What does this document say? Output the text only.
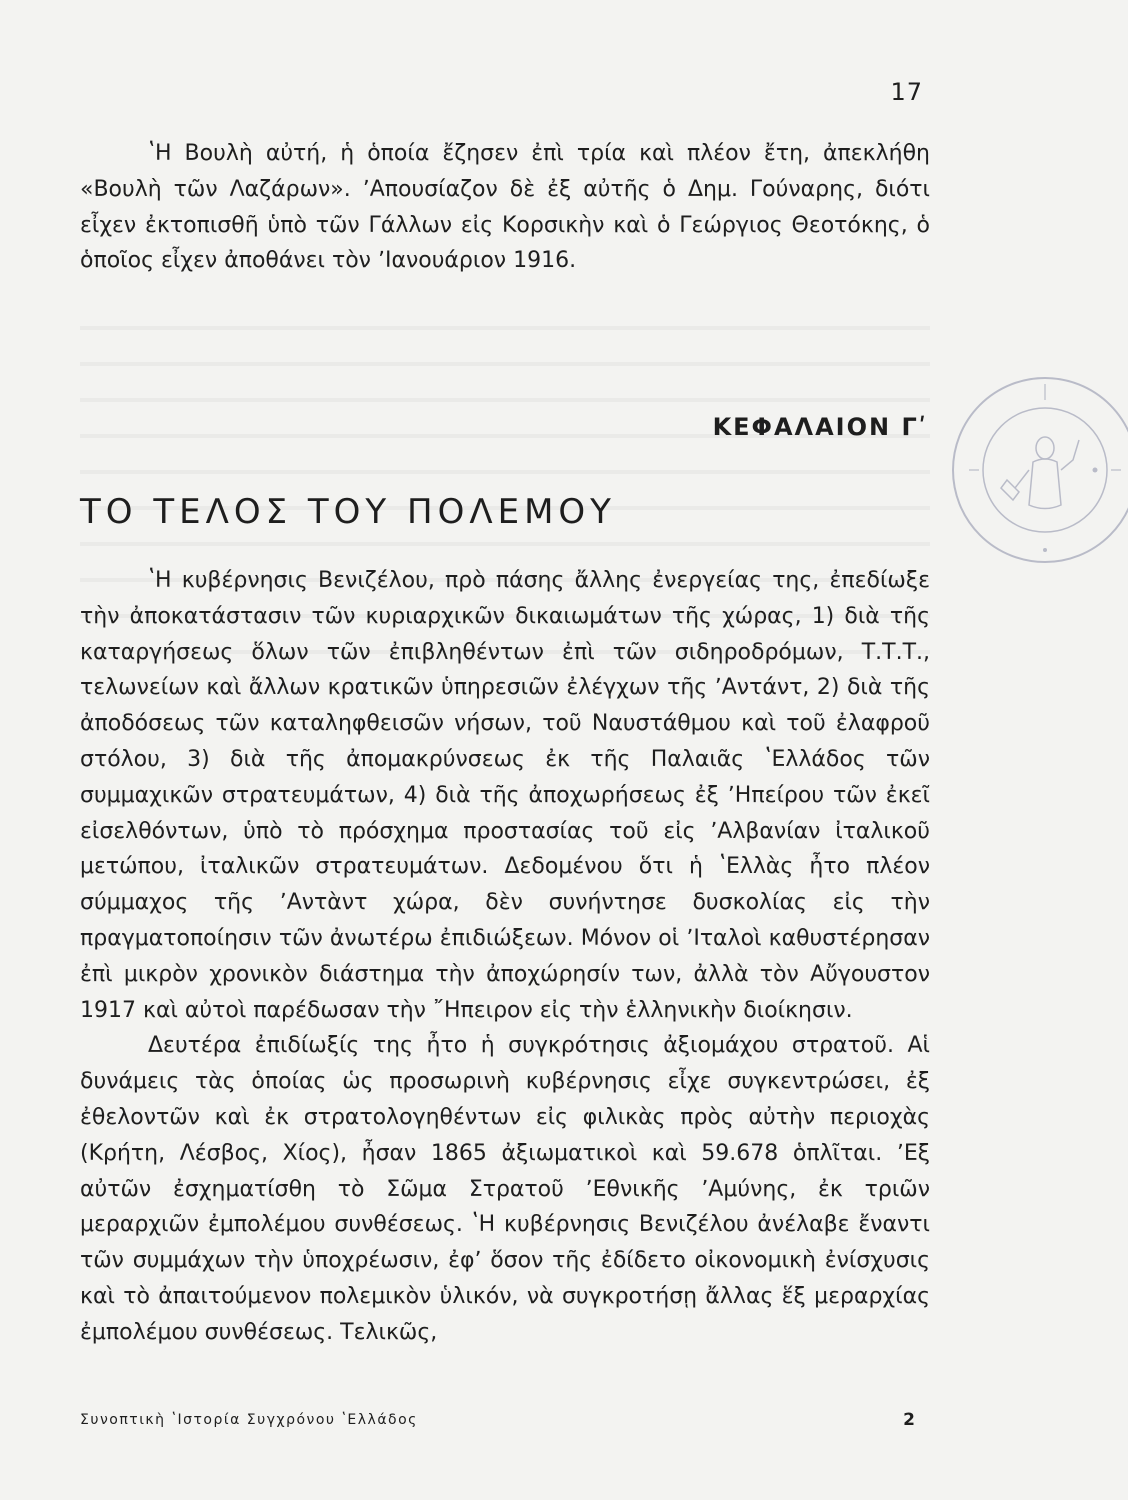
17

ʽΗ Βουλὴ αὐτή, ἡ ὁποία ἔζησεν ἐπὶ τρία καὶ πλέον ἔτη, ἀπεκλήθη «Βουλὴ τῶν Λαζάρων». ʼΑπουσίαζον δὲ ἐξ αὐτῆς ὁ Δημ. Γούναρης, διότι εἶχεν ἐκτοπισθῆ ὑπὸ τῶν Γάλλων εἰς Κορσικὴν καὶ ὁ Γεώργιος Θεοτόκης, ὁ ὁποῖος εἶχεν ἀποθάνει τὸν ʼΙανουάριον 1916.

ΚΕΦΑΛΑΙΟΝ Γʹ
ΤΟ ΤΕΛΟΣ ΤΟΥ ΠΟΛΕΜΟΥ

ʽΗ κυβέρνησις Βενιζέλου, πρὸ πάσης ἄλλης ἐνεργείας της, ἐπεδίωξε τὴν ἀποκατάστασιν τῶν κυριαρχικῶν δικαιωμάτων τῆς χώρας, 1) διὰ τῆς καταργήσεως ὅλων τῶν ἐπιβληθέντων ἐπὶ τῶν σιδηροδρόμων, Τ.Τ.Τ., τελωνείων καὶ ἄλλων κρατικῶν ὑπηρεσιῶν ἐλέγχων τῆς ʼΑντάντ, 2) διὰ τῆς ἀποδόσεως τῶν καταληφθεισῶν νήσων, τοῦ Ναυστάθμου καὶ τοῦ ἐλαφροῦ στόλου, 3) διὰ τῆς ἀπομακρύνσεως ἐκ τῆς Παλαιᾶς ʽΕλλάδος τῶν συμμαχικῶν στρατευμάτων, 4) διὰ τῆς ἀποχωρήσεως ἐξ ʼΗπείρου τῶν ἐκεῖ εἰσελθόντων, ὑπὸ τὸ πρόσχημα προστασίας τοῦ εἰς ʼΑλβανίαν ἰταλικοῦ μετώπου, ἰταλικῶν στρατευμάτων. Δεδομένου ὅτι ἡ ʽΕλλὰς ἦτο πλέον σύμμαχος τῆς ʼΑντὰντ χώρα, δὲν συνήντησε δυσκολίας εἰς τὴν πραγματοποίησιν τῶν ἀνωτέρω ἐπιδιώξεων. Μόνον οἱ ʼΙταλοὶ καθυστέρησαν ἐπὶ μικρὸν χρονικὸν διάστημα τὴν ἀποχώρησίν των, ἀλλὰ τὸν Αὔγουστον 1917 καὶ αὐτοὶ παρέδωσαν τὴν ῎Ηπειρον εἰς τὴν ἑλληνικὴν διοίκησιν.

Δευτέρα ἐπιδίωξίς της ἦτο ἡ συγκρότησις ἀξιομάχου στρατοῦ. Αἱ δυνάμεις τὰς ὁποίας ὡς προσωρινὴ κυβέρνησις εἶχε συγκεντρώσει, ἐξ ἐθελοντῶν καὶ ἐκ στρατολογηθέντων εἰς φιλικὰς πρὸς αὐτὴν περιοχὰς (Κρήτη, Λέσβος, Χίος), ἦσαν 1865 ἀξιωματικοὶ καὶ 59.678 ὁπλῖται. ʼΕξ αὐτῶν ἐσχηματίσθη τὸ Σῶμα Στρατοῦ ʼΕθνικῆς ʼΑμύνης, ἐκ τριῶν μεραρχιῶν ἐμπολέμου συνθέσεως. ʽΗ κυβέρνησις Βενιζέλου ἀνέλαβε ἔναντι τῶν συμμάχων τὴν ὑποχρέωσιν, ἐφʼ ὅσον τῆς ἐδίδετο οἰκονομικὴ ἐνίσχυσις καὶ τὸ ἀπαιτούμενον πολεμικὸν ὑλικόν, νὰ συγκροτήσῃ ἄλλας ἕξ μεραρχίας ἐμπολέμου συνθέσεως. Τελικῶς,

Συνοπτικὴ ʽΙστορία Συγχρόνου ʽΕλλάδος	2
